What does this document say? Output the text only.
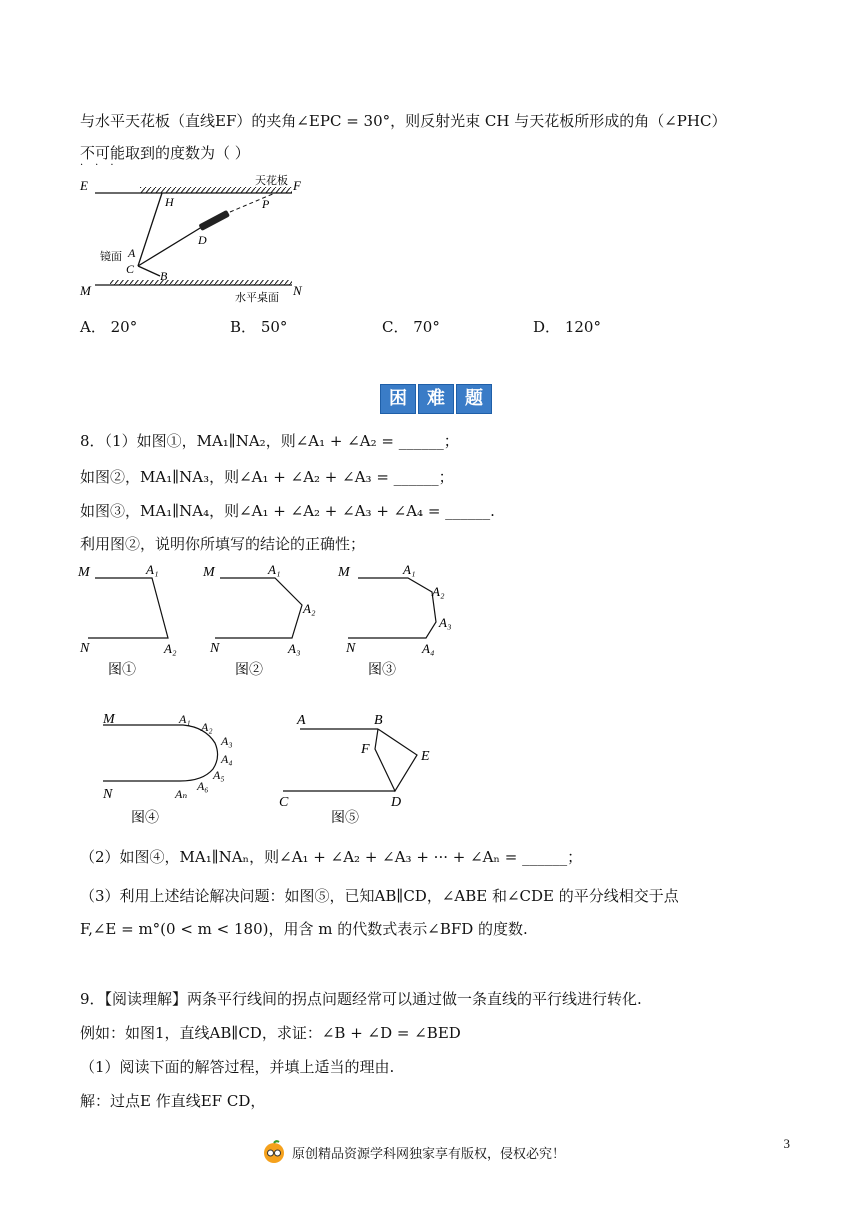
与水平天花板（直线EF）的夹角∠EPC = 30°，则反射光束 CH 与天花板所形成的角（∠PHC）
不可能取到的度数为（ ）
···
E	F
天花板
H	P
D
A
镜面
C B
M	N
水平桌面
A． 20°	B． 50°	C． 70°	D． 120°
困	难	题
8．（1）如图①，MA₁∥NA₂，则∠A₁ + ∠A₂ = ______；
如图②，MA₁∥NA₃，则∠A₁ + ∠A₂ + ∠A₃ = ______；
如图③，MA₁∥NA₄，则∠A₁ + ∠A₂ + ∠A₃ + ∠A₄ = ______.
利用图②，说明你所填写的结论的正确性；
M	A₁
N	A₂
图①
M	A₁
A₂
N	A₃
图②
M	A₁
A₂
A₃
N	A₄
图③
M	A₁
A₂
A₃
A₄
A₅
A₆
N	Aₙ
图④
A	B
F	E
C	D
图⑤
（2）如图④，MA₁∥NAₙ，则∠A₁ + ∠A₂ + ∠A₃ + ··· + ∠Aₙ = ______；
（3）利用上述结论解决问题：如图⑤，已知AB∥CD，∠ABE 和∠CDE 的平分线相交于点
F,∠E = m°(0 < m < 180)，用含 m 的代数式表示∠BFD 的度数.
9．【阅读理解】两条平行线间的拐点问题经常可以通过做一条直线的平行线进行转化.
例如：如图1，直线AB∥CD，求证：∠B + ∠D = ∠BED
（1）阅读下面的解答过程，并填上适当的理由.
解：过点E 作直线EF CD，
3
原创精品资源学科网独家享有版权，侵权必究！
